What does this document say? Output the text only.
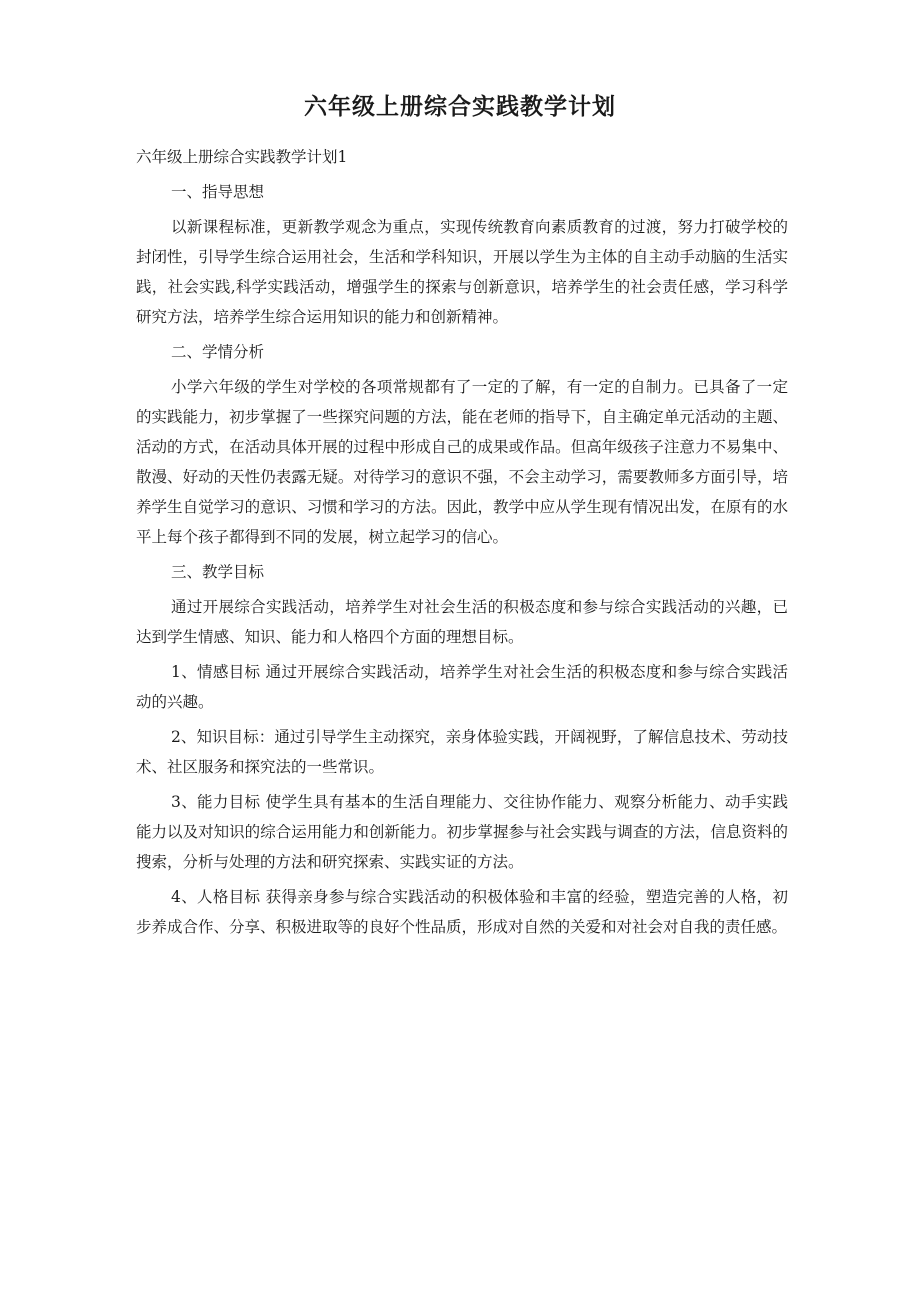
六年级上册综合实践教学计划

六年级上册综合实践教学计划1

一、指导思想

以新课程标准，更新教学观念为重点，实现传统教育向素质教育的过渡，努力打破学校的封闭性，引导学生综合运用社会，生活和学科知识，开展以学生为主体的自主动手动脑的生活实践，社会实践,科学实践活动，增强学生的探索与创新意识，培养学生的社会责任感，学习科学研究方法，培养学生综合运用知识的能力和创新精神。

二、学情分析

小学六年级的学生对学校的各项常规都有了一定的了解，有一定的自制力。已具备了一定的实践能力，初步掌握了一些探究问题的方法，能在老师的指导下，自主确定单元活动的主题、活动的方式，在活动具体开展的过程中形成自己的成果或作品。但高年级孩子注意力不易集中、散漫、好动的天性仍表露无疑。对待学习的意识不强，不会主动学习，需要教师多方面引导，培养学生自觉学习的意识、习惯和学习的方法。因此，教学中应从学生现有情况出发，在原有的水平上每个孩子都得到不同的发展，树立起学习的信心。

三、教学目标

通过开展综合实践活动，培养学生对社会生活的积极态度和参与综合实践活动的兴趣，已达到学生情感、知识、能力和人格四个方面的理想目标。

1、情感目标 通过开展综合实践活动，培养学生对社会生活的积极态度和参与综合实践活动的兴趣。

2、知识目标：通过引导学生主动探究，亲身体验实践，开阔视野，了解信息技术、劳动技术、社区服务和探究法的一些常识。

3、能力目标 使学生具有基本的生活自理能力、交往协作能力、观察分析能力、动手实践能力以及对知识的综合运用能力和创新能力。初步掌握参与社会实践与调查的方法，信息资料的搜索，分析与处理的方法和研究探索、实践实证的方法。

4、人格目标 获得亲身参与综合实践活动的积极体验和丰富的经验，塑造完善的人格，初步养成合作、分享、积极进取等的良好个性品质，形成对自然的关爱和对社会对自我的责任感。
